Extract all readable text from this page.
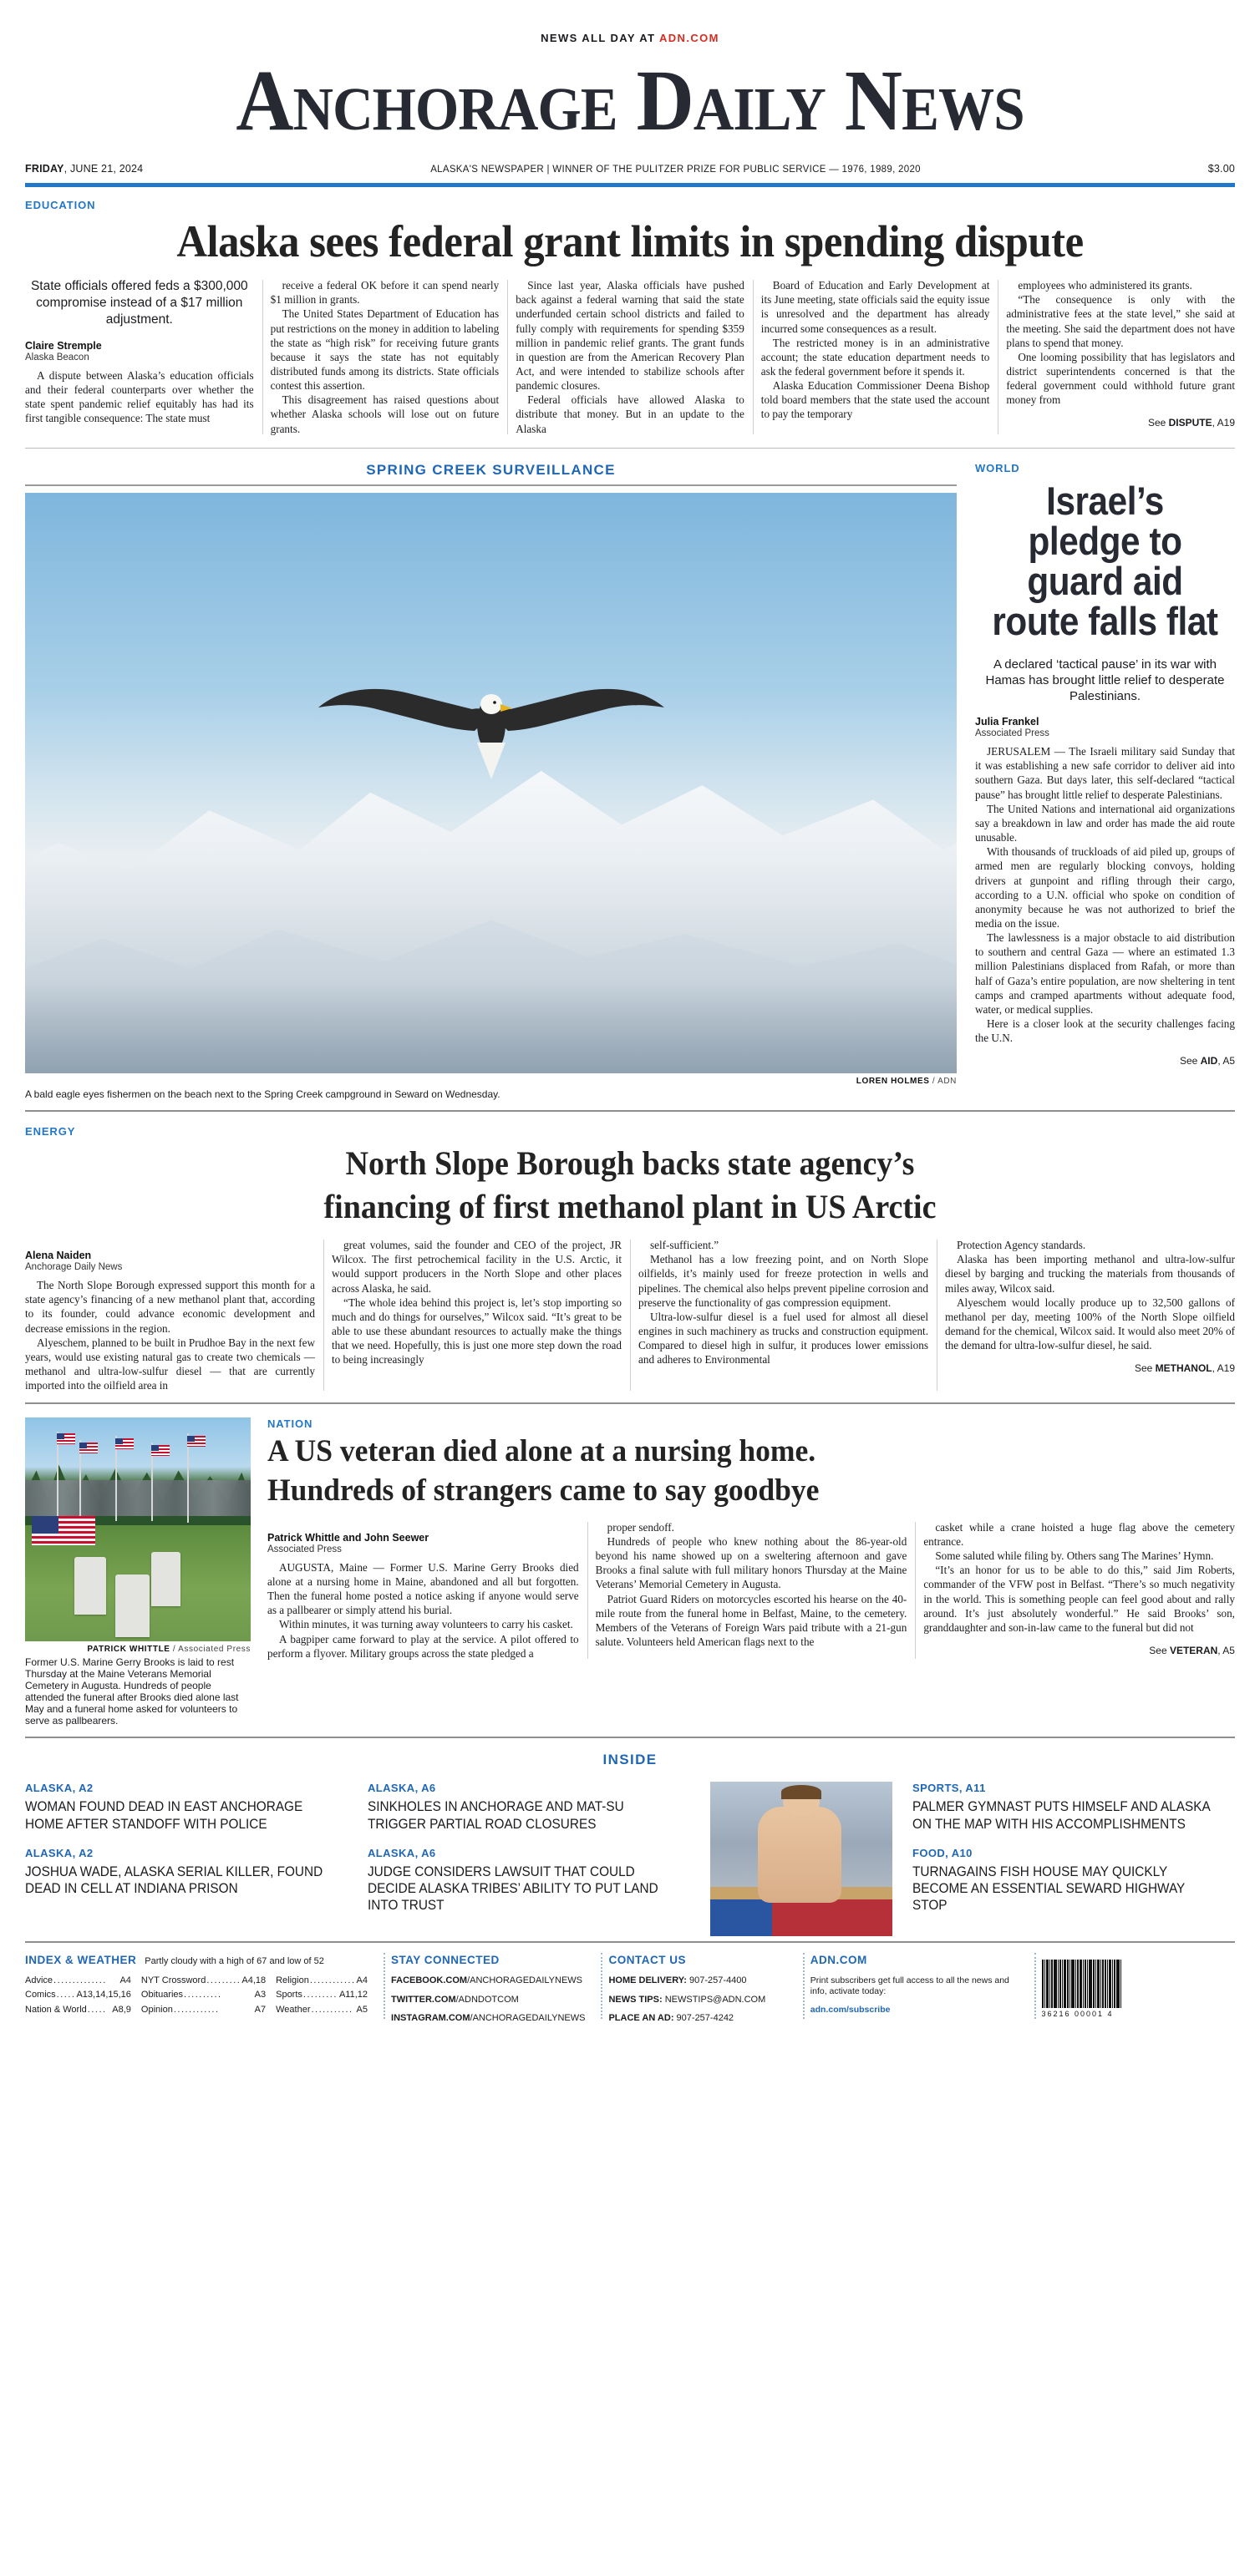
NEWS ALL DAY AT ADN.COM
Anchorage Daily News
FRIDAY, JUNE 21, 2024	ALASKA'S NEWSPAPER | WINNER OF THE PULITZER PRIZE FOR PUBLIC SERVICE — 1976, 1989, 2020	$3.00
EDUCATION
Alaska sees federal grant limits in spending dispute
State officials offered feds a $300,000 compromise instead of a $17 million adjustment.
Claire Stremple
Alaska Beacon

A dispute between Alaska’s education officials and their federal counterparts over whether the state spent pandemic relief equitably has had its first tangible consequence: The state must

receive a federal OK before it can spend nearly $1 million in grants.

The United States Department of Education has put restrictions on the money in addition to labeling the state as “high risk” for receiving future grants because it says the state has not equitably distributed funds among its districts. State officials contest this assertion.

This disagreement has raised questions about whether Alaska schools will lose out on future grants.

Since last year, Alaska officials have pushed back against a federal warning that said the state underfunded certain school districts and failed to fully comply with requirements for spending $359 million in pandemic relief grants. The grant funds in question are from the American Recovery Plan Act, and were intended to stabilize schools after pandemic closures.

Federal officials have allowed Alaska to distribute that money. But in an update to the Alaska

Board of Education and Early Development at its June meeting, state officials said the equity issue is unresolved and the department has already incurred some consequences as a result.

The restricted money is in an administrative account; the state education department needs to ask the federal government before it spends it.

Alaska Education Commissioner Deena Bishop told board members that the state used the account to pay the temporary

employees who administered its grants.

“The consequence is only with the administrative fees at the state level,” she said at the meeting. She said the department does not have plans to spend that money.

One looming possibility that has legislators and district superintendents concerned is that the federal government could withhold future grant money from

See DISPUTE, A19
SPRING CREEK SURVEILLANCE
LOREN HOLMES / ADN
A bald eagle eyes fishermen on the beach next to the Spring Creek campground in Seward on Wednesday.
WORLD
Israel’s pledge to guard aid route falls flat
A declared ‘tactical pause’ in its war with Hamas has brought little relief to desperate Palestinians.
Julia Frankel
Associated Press

JERUSALEM — The Israeli military said Sunday that it was establishing a new safe corridor to deliver aid into southern Gaza. But days later, this self-declared “tactical pause” has brought little relief to desperate Palestinians.

The United Nations and international aid organizations say a breakdown in law and order has made the aid route unusable.

With thousands of truckloads of aid piled up, groups of armed men are regularly blocking convoys, holding drivers at gunpoint and rifling through their cargo, according to a U.N. official who spoke on condition of anonymity because he was not authorized to brief the media on the issue.

The lawlessness is a major obstacle to aid distribution to southern and central Gaza — where an estimated 1.3 million Palestinians displaced from Rafah, or more than half of Gaza’s entire population, are now sheltering in tent camps and cramped apartments without adequate food, water, or medical supplies.

Here is a closer look at the security challenges facing the U.N.

See AID, A5
ENERGY
North Slope Borough backs state agency’s
financing of first methanol plant in US Arctic
Alena Naiden
Anchorage Daily News

The North Slope Borough expressed support this month for a state agency’s financing of a new methanol plant that, according to its founder, could advance economic development and decrease emissions in the region.

Alyeschem, planned to be built in Prudhoe Bay in the next few years, would use existing natural gas to create two chemicals — methanol and ultra-low-sulfur diesel — that are currently imported into the oilfield area in

great volumes, said the founder and CEO of the project, JR Wilcox. The first petrochemical facility in the U.S. Arctic, it would support producers in the North Slope and other places across Alaska, he said.

“The whole idea behind this project is, let’s stop importing so much and do things for ourselves,” Wilcox said. “It’s great to be able to use these abundant resources to actually make the things that we need. Hopefully, this is just one more step down the road to being increasingly

self-sufficient.”

Methanol has a low freezing point, and on North Slope oilfields, it’s mainly used for freeze protection in wells and pipelines. The chemical also helps prevent pipeline corrosion and preserve the functionality of gas compression equipment.

Ultra-low-sulfur diesel is a fuel used for almost all diesel engines in such machinery as trucks and construction equipment. Compared to diesel high in sulfur, it produces lower emissions and adheres to Environmental

Protection Agency standards.

Alaska has been importing methanol and ultra-low-sulfur diesel by barging and trucking the materials from thousands of miles away, Wilcox said.

Alyeschem would locally produce up to 32,500 gallons of methanol per day, meeting 100% of the North Slope oilfield demand for the chemical, Wilcox said. It would also meet 20% of the demand for ultra-low-sulfur diesel, he said.

See METHANOL, A19
PATRICK WHITTLE / Associated Press
Former U.S. Marine Gerry Brooks is laid to rest Thursday at the Maine Veterans Memorial Cemetery in Augusta. Hundreds of people attended the funeral after Brooks died alone last May and a funeral home asked for volunteers to serve as pallbearers.
NATION
A US veteran died alone at a nursing home.
Hundreds of strangers came to say goodbye
Patrick Whittle and John Seewer
Associated Press

AUGUSTA, Maine — Former U.S. Marine Gerry Brooks died alone at a nursing home in Maine, abandoned and all but forgotten. Then the funeral home posted a notice asking if anyone would serve as a pallbearer or simply attend his burial.

Within minutes, it was turning away volunteers to carry his casket.

A bagpiper came forward to play at the service. A pilot offered to perform a flyover. Military groups across the state pledged a

proper sendoff.

Hundreds of people who knew nothing about the 86-year-old beyond his name showed up on a sweltering afternoon and gave Brooks a final salute with full military honors Thursday at the Maine Veterans’ Memorial Cemetery in Augusta.

Patriot Guard Riders on motorcycles escorted his hearse on the 40-mile route from the funeral home in Belfast, Maine, to the cemetery. Members of the Veterans of Foreign Wars paid tribute with a 21-gun salute. Volunteers held American flags next to the

casket while a crane hoisted a huge flag above the cemetery entrance.

Some saluted while filing by. Others sang The Marines’ Hymn.

“It’s an honor for us to be able to do this,” said Jim Roberts, commander of the VFW post in Belfast. “There’s so much negativity in the world. This is something people can feel good about and rally around. It’s just absolutely wonderful.” He said Brooks’ son, granddaughter and son-in-law came to the funeral but did not

See VETERAN, A5
INSIDE
ALASKA, A2
WOMAN FOUND DEAD IN EAST ANCHORAGE HOME AFTER STANDOFF WITH POLICE
ALASKA, A2
JOSHUA WADE, ALASKA SERIAL KILLER, FOUND DEAD IN CELL AT INDIANA PRISON
ALASKA, A6
SINKHOLES IN ANCHORAGE AND MAT-SU TRIGGER PARTIAL ROAD CLOSURES
ALASKA, A6
JUDGE CONSIDERS LAWSUIT THAT COULD DECIDE ALASKA TRIBES’ ABILITY TO PUT LAND INTO TRUST
SPORTS, A11
PALMER GYMNAST PUTS HIMSELF AND ALASKA ON THE MAP WITH HIS ACCOMPLISHMENTS
FOOD, A10
TURNAGAINS FISH HOUSE MAY QUICKLY BECOME AN ESSENTIAL SEWARD HIGHWAY STOP
INDEX & WEATHER Partly cloudy with a high of 67 and low of 52
Advice ..............	A4 NYT Crossword ......... A4,18 Religion ............ A4
Comics ..... A13,14,15,16 Obituaries ..........	A3 Sports ......... A11,12
Nation & World ..... A8,9 Opinion ............	A7 Weather ........... A5
STAY CONNECTED
FACEBOOK.COM/ANCHORAGEDAILYNEWS
TWITTER.COM/ADNDOTCOM
INSTAGRAM.COM/ANCHORAGEDAILYNEWS
CONTACT US
HOME DELIVERY: 907-257-4400
NEWS TIPS: NEWSTIPS@ADN.COM
PLACE AN AD: 907-257-4242
ADN.COM
Print subscribers get full access to all the news and info, activate today:
adn.com/subscribe	36216 00001 4
